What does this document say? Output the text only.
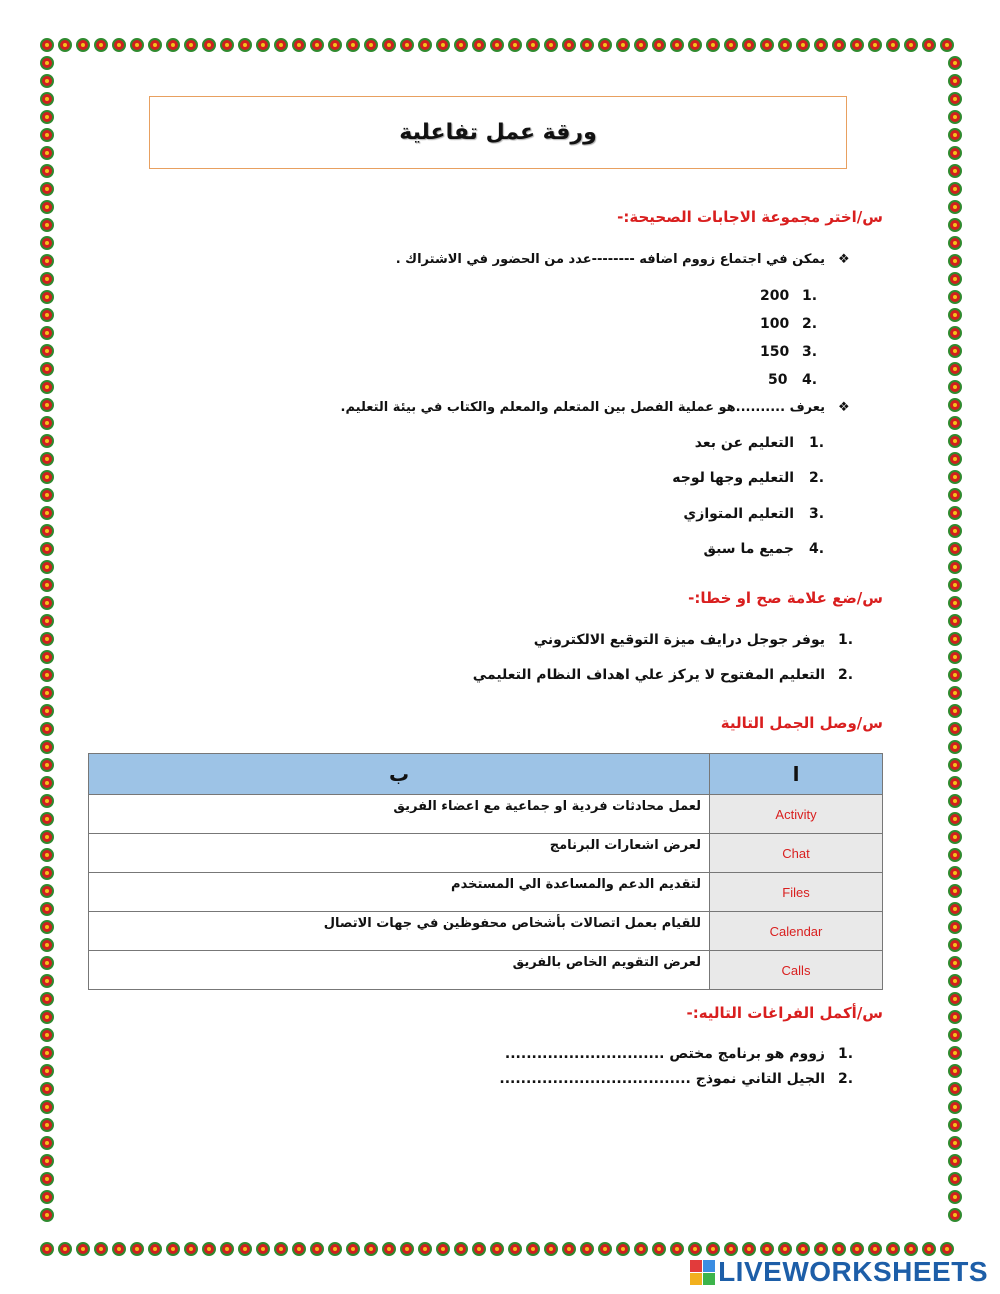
ورقة عمل تفاعلية
س/اختر مجموعة الاجابات الصحيحة:-
❖
يمكن في اجتماع زووم اضافه --------عدد من الحضور في الاشتراك .
1.
200
2.
100
3.
150
4.
50
❖
يعرف ..........هو عملية الفصل بين المتعلم والمعلم والكتاب في بيئة التعليم.
1.
التعليم عن بعد
2.
التعليم وجها لوجه
3.
التعليم المتوازي
4.
جميع ما سبق
س/ضع علامة صح او خطا:-
1.
يوفر جوجل درايف ميزة التوقيع الالكتروني
2.
التعليم المفتوح لا يركز علي اهداف النظام التعليمي
س/وصل الجمل التالية
ب	ا
لعمل محادثات فردية او جماعية مع اعضاء الفريق	Activity
لعرض اشعارات البرنامج	Chat
لتقديم الدعم والمساعدة الي المستخدم	Files
للقيام بعمل اتصالات بأشخاص محفوظين في جهات الاتصال	Calendar
لعرض التقويم الخاص بالفريق	Calls
س/أكمل الفراغات التاليه:-
1.
زووم هو برنامج مختص ..............................
2.
الجيل التاني نموذج ....................................
LIVEWORKSHEETS
